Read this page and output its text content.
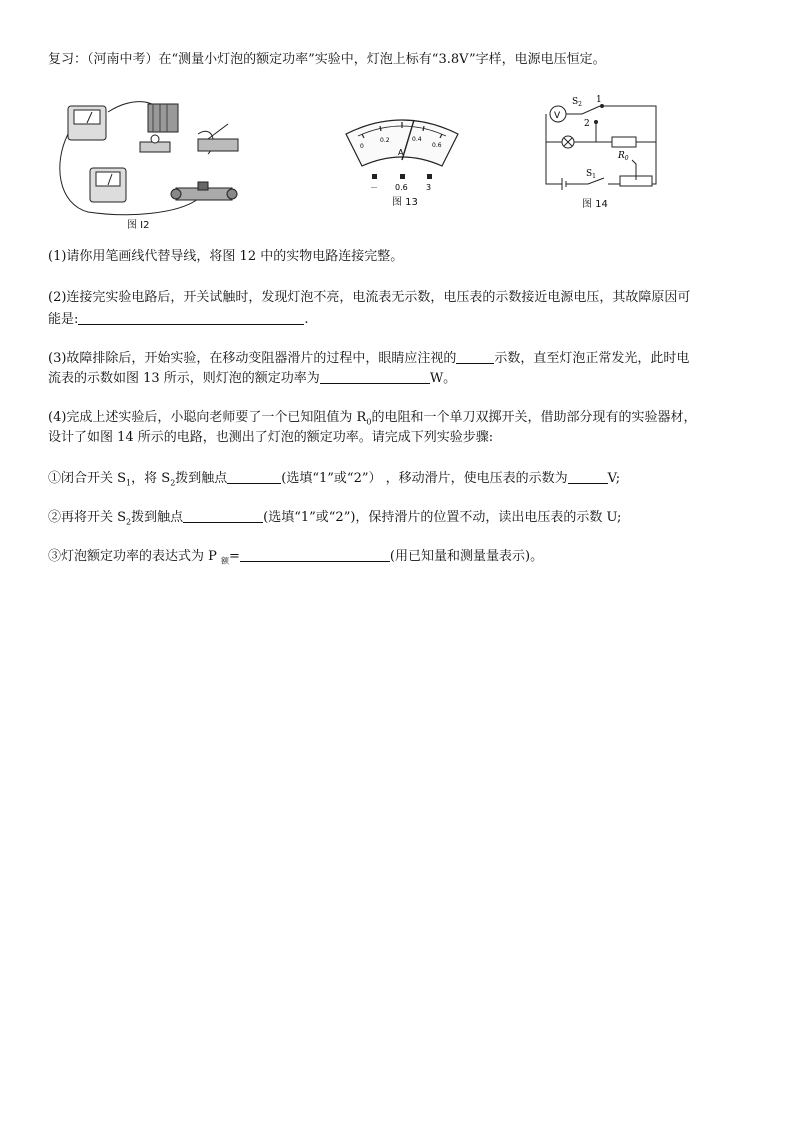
复习：（河南中考）在“测量小灯泡的额定功率”实验中，灯泡上标有“3.8V”字样，电源电压恒定。
图 I2
0
0.2	0.4
0.6
A
－ 0.6 3
图 13
V
$S_2$ 1
2
$R_0$
$S_1$
图 14
(1)请你用笔画线代替导线，将图 12 中的实物电路连接完整。
(2)连接完实验电路后，开关试触时，发现灯泡不亮，电流表无示数，电压表的示数接近电源电压，其故障原因可
能是:	.
(3)故障排除后，开始实验，在移动变阻器滑片的过程中，眼睛应注视的	示数，直至灯泡正常发光，此时电
流表的示数如图 13 所示，则灯泡的额定功率为	W。
(4)完成上述实验后，小聪向老师要了一个已知阻值为 $R_0$的电阻和一个单刀双掷开关，借助部分现有的实验器材，
设计了如图 14 所示的电路，也测出了灯泡的额定功率。请完成下列实验步骤:
①闭合开关 $S_1$，将 $S_2$拨到触点	(选填“1”或“2”） ，移动滑片，使电压表的示数为	V;
②再将开关 $S_2$拨到触点	(选填“1”或“2”)，保持滑片的位置不动，读出电压表的示数 U;
③灯泡额定功率的表达式为 P $_额$=	(用已知量和测量量表示)。
